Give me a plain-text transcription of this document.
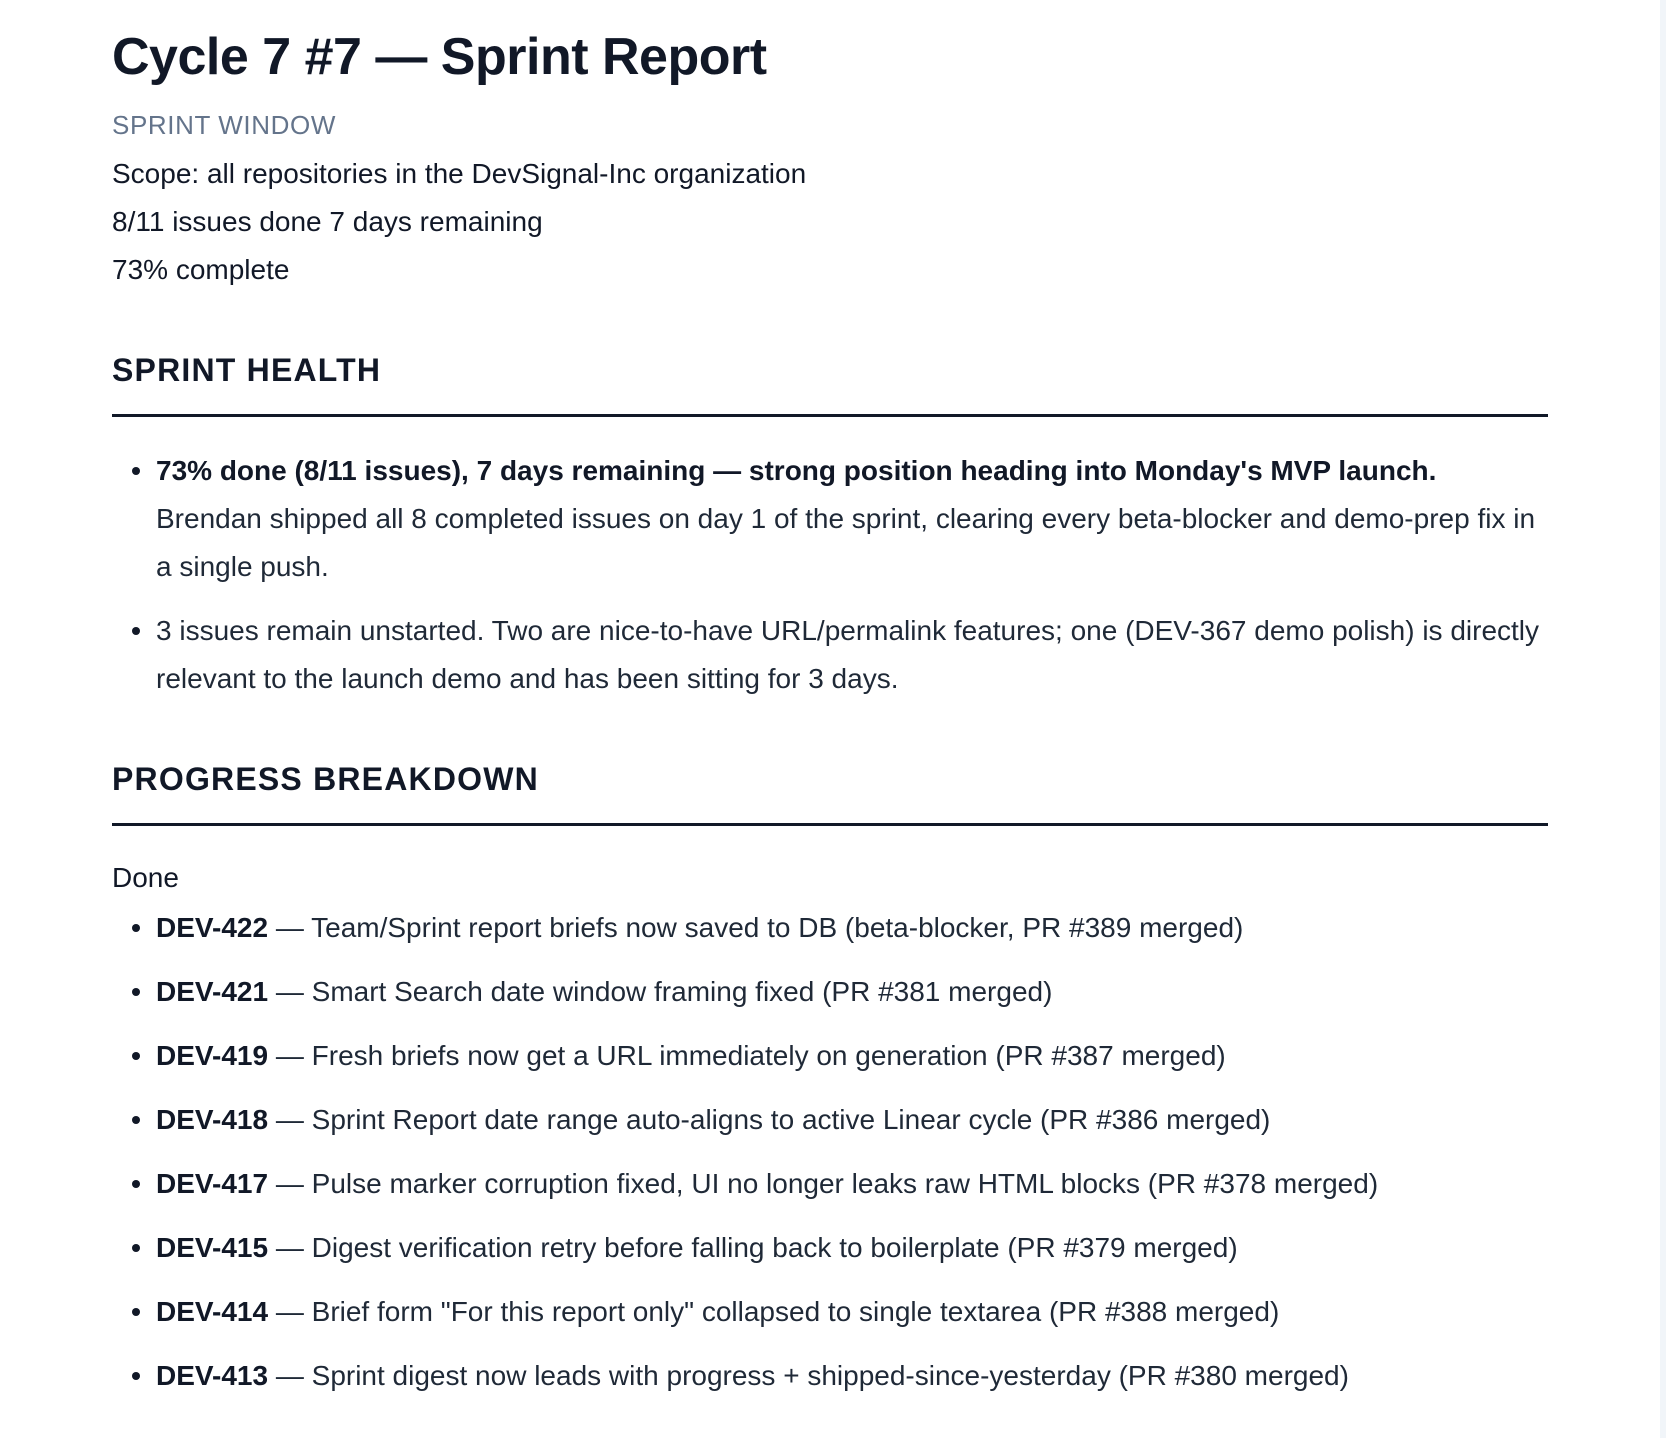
Cycle 7 #7 — Sprint Report
SPRINT WINDOW
Scope: all repositories in the DevSignal-Inc organization
8/11 issues done 7 days remaining
73% complete
SPRINT HEALTH
73% done (8/11 issues), 7 days remaining — strong position heading into Monday's MVP launch. Brendan shipped all 8 completed issues on day 1 of the sprint, clearing every beta-blocker and demo-prep fix in a single push.
3 issues remain unstarted. Two are nice-to-have URL/permalink features; one (DEV-367 demo polish) is directly relevant to the launch demo and has been sitting for 3 days.
PROGRESS BREAKDOWN
Done
DEV-422 — Team/Sprint report briefs now saved to DB (beta-blocker, PR #389 merged)
DEV-421 — Smart Search date window framing fixed (PR #381 merged)
DEV-419 — Fresh briefs now get a URL immediately on generation (PR #387 merged)
DEV-418 — Sprint Report date range auto-aligns to active Linear cycle (PR #386 merged)
DEV-417 — Pulse marker corruption fixed, UI no longer leaks raw HTML blocks (PR #378 merged)
DEV-415 — Digest verification retry before falling back to boilerplate (PR #379 merged)
DEV-414 — Brief form "For this report only" collapsed to single textarea (PR #388 merged)
DEV-413 — Sprint digest now leads with progress + shipped-since-yesterday (PR #380 merged)
